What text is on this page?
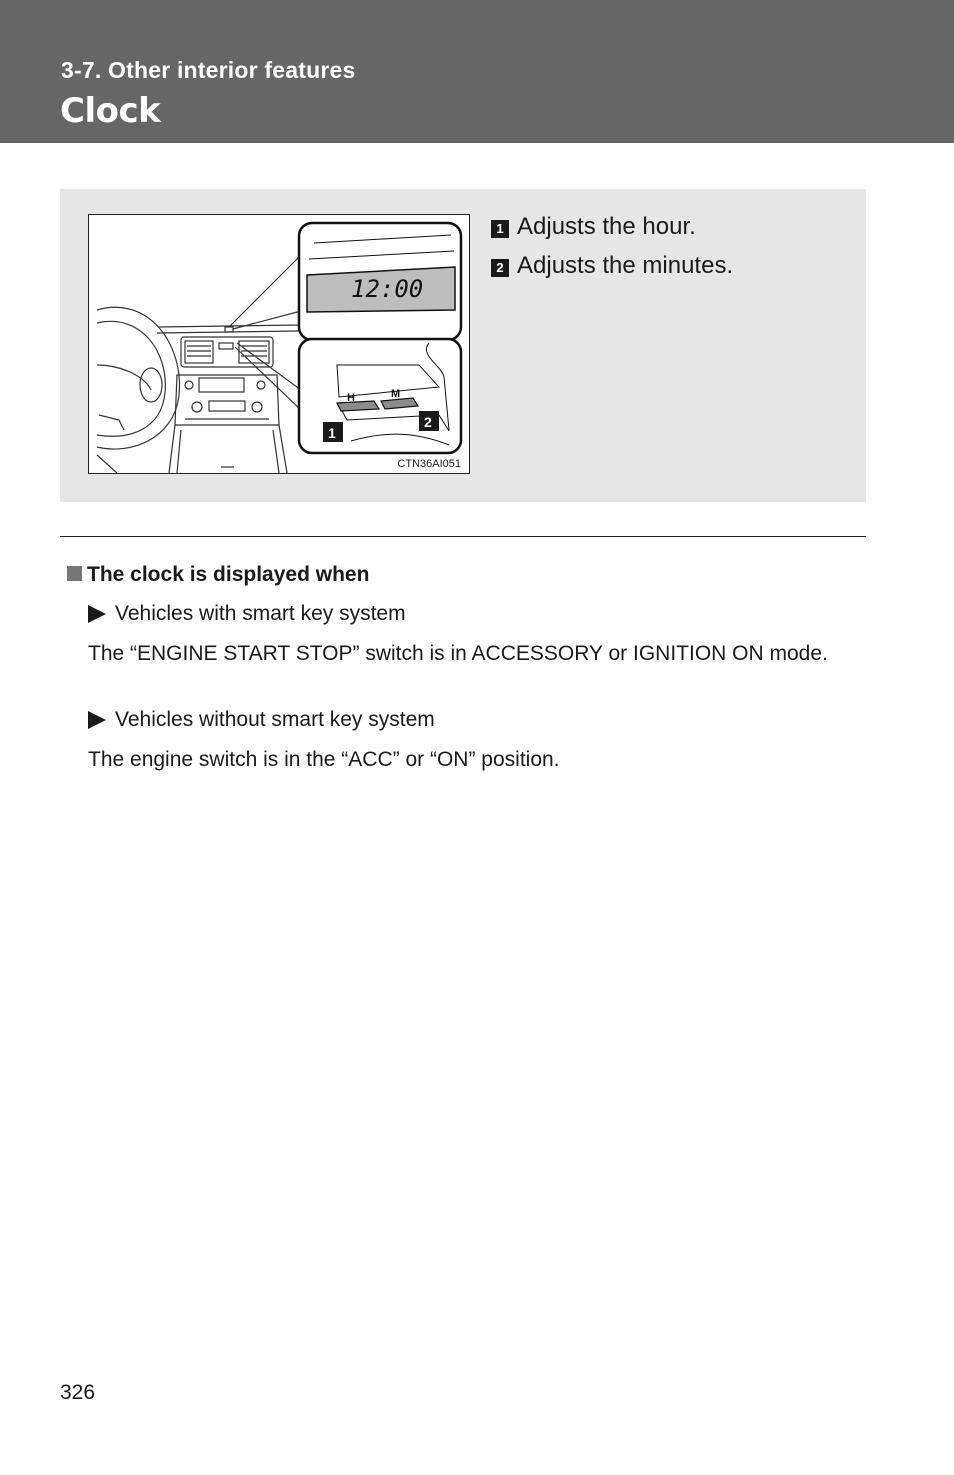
3-7. Other interior features
Clock
12:00
H	M
1
2
CTN36AI051
1 Adjusts the hour.
2 Adjusts the minutes.
The clock is displayed when
Vehicles with smart key system
The “ENGINE START STOP” switch is in ACCESSORY or IGNITION ON mode.
Vehicles without smart key system
The engine switch is in the “ACC” or “ON” position.
326
